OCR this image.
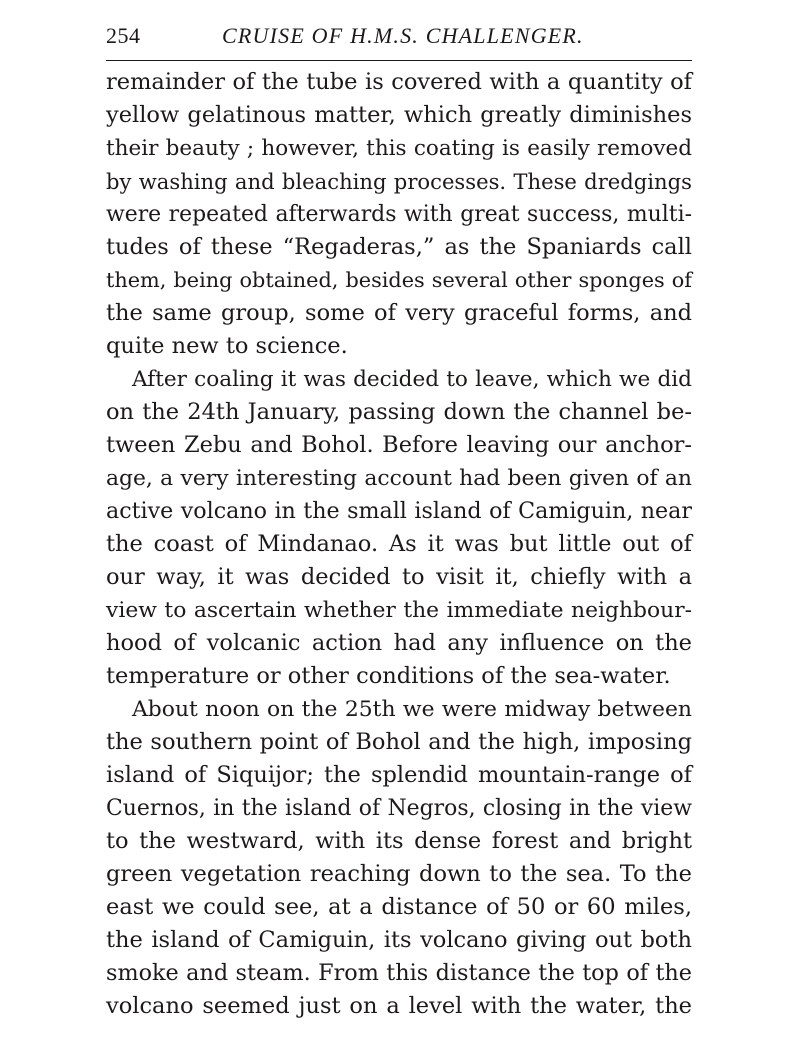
254	CRUISE OF H.M.S. CHALLENGER.
remainder of the tube is covered with a quantity of
yellow gelatinous matter, which greatly diminishes
their beauty ; however, this coating is easily removed
by washing and bleaching processes. These dredgings
were repeated afterwards with great success, multi-
tudes of these “Regaderas,” as the Spaniards call
them, being obtained, besides several other sponges of
the same group, some of very graceful forms, and
quite new to science.
After coaling it was decided to leave, which we did
on the 24th January, passing down the channel be-
tween Zebu and Bohol. Before leaving our anchor-
age, a very interesting account had been given of an
active volcano in the small island of Camiguin, near
the coast of Mindanao. As it was but little out of
our way, it was decided to visit it, chiefly with a
view to ascertain whether the immediate neighbour-
hood of volcanic action had any influence on the
temperature or other conditions of the sea-water.
About noon on the 25th we were midway between
the southern point of Bohol and the high, imposing
island of Siquijor; the splendid mountain-range of
Cuernos, in the island of Negros, closing in the view
to the westward, with its dense forest and bright
green vegetation reaching down to the sea. To the
east we could see, at a distance of 50 or 60 miles,
the island of Camiguin, its volcano giving out both
smoke and steam. From this distance the top of the
volcano seemed just on a level with the water, the
